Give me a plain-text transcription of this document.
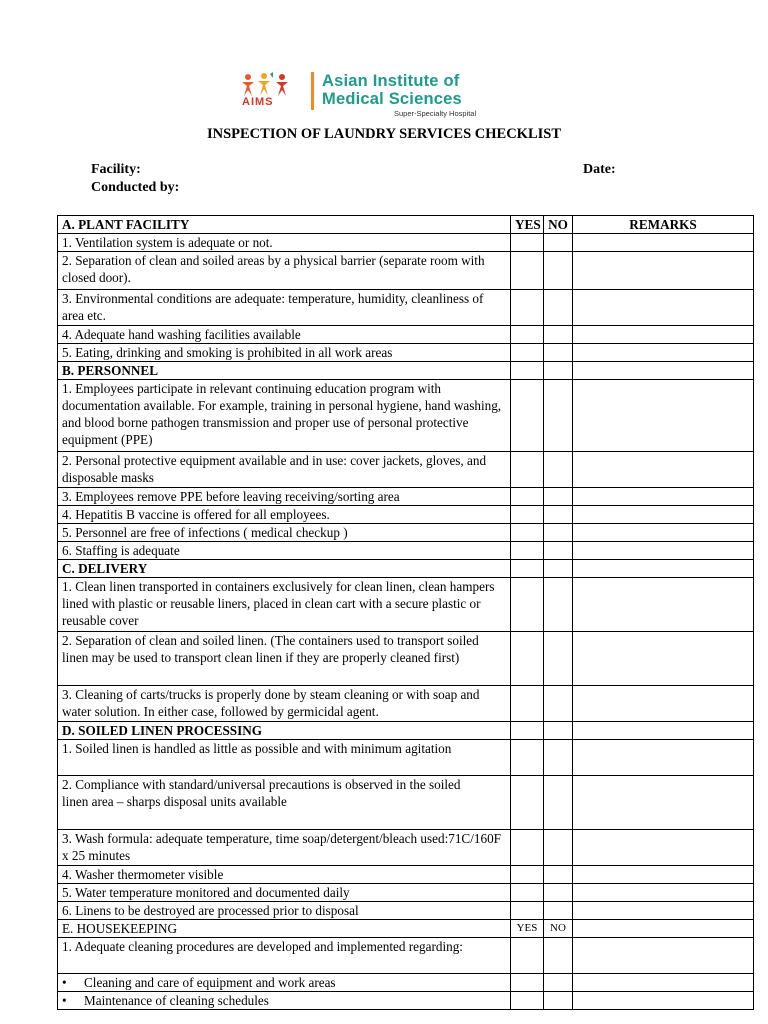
AIMS
Asian Institute of
Medical Sciences
Super-Specialty Hospital
INSPECTION OF LAUNDRY SERVICES CHECKLIST
Facility:	Date:
Conducted by:
A. PLANT FACILITY	YES	NO	REMARKS
1. Ventilation system is adequate or not.			
2. Separation of clean and soiled areas by a physical barrier (separate room with closed door).			
3. Environmental conditions are adequate: temperature, humidity, cleanliness of area etc.			
4. Adequate hand washing facilities available			
5. Eating, drinking and smoking is prohibited in all work areas			
B. PERSONNEL			
1. Employees participate in relevant continuing education program with documentation available. For example, training in personal hygiene, hand washing, and blood borne pathogen transmission and proper use of personal protective equipment (PPE)			
2. Personal protective equipment available and in use: cover jackets, gloves, and disposable masks			
3. Employees remove PPE before leaving receiving/sorting area			
4. Hepatitis B vaccine is offered for all employees.			
5. Personnel are free of infections ( medical checkup )			
6. Staffing is adequate			
C. DELIVERY			
1. Clean linen transported in containers exclusively for clean linen, clean hampers lined with plastic or reusable liners, placed in clean cart with a secure plastic or reusable cover			
2. Separation of clean and soiled linen. (The containers used to transport soiled linen may be used to transport clean linen if they are properly cleaned first)			
3. Cleaning of carts/trucks is properly done by steam cleaning or with soap and water solution. In either case, followed by germicidal agent.			
D. SOILED LINEN PROCESSING			
1. Soiled linen is handled as little as possible and with minimum agitation			
2. Compliance with standard/universal precautions is observed in the soiled
linen area – sharps disposal units available			
3. Wash formula: adequate temperature, time soap/detergent/bleach used:71C/160F x 25 minutes			
4. Washer thermometer visible			
5. Water temperature monitored and documented daily			
6. Linens to be destroyed are processed prior to disposal			
E. HOUSEKEEPING	YES	NO	
1. Adequate cleaning procedures are developed and implemented regarding:			
• Cleaning and care of equipment and work areas			
• Maintenance of cleaning schedules			
